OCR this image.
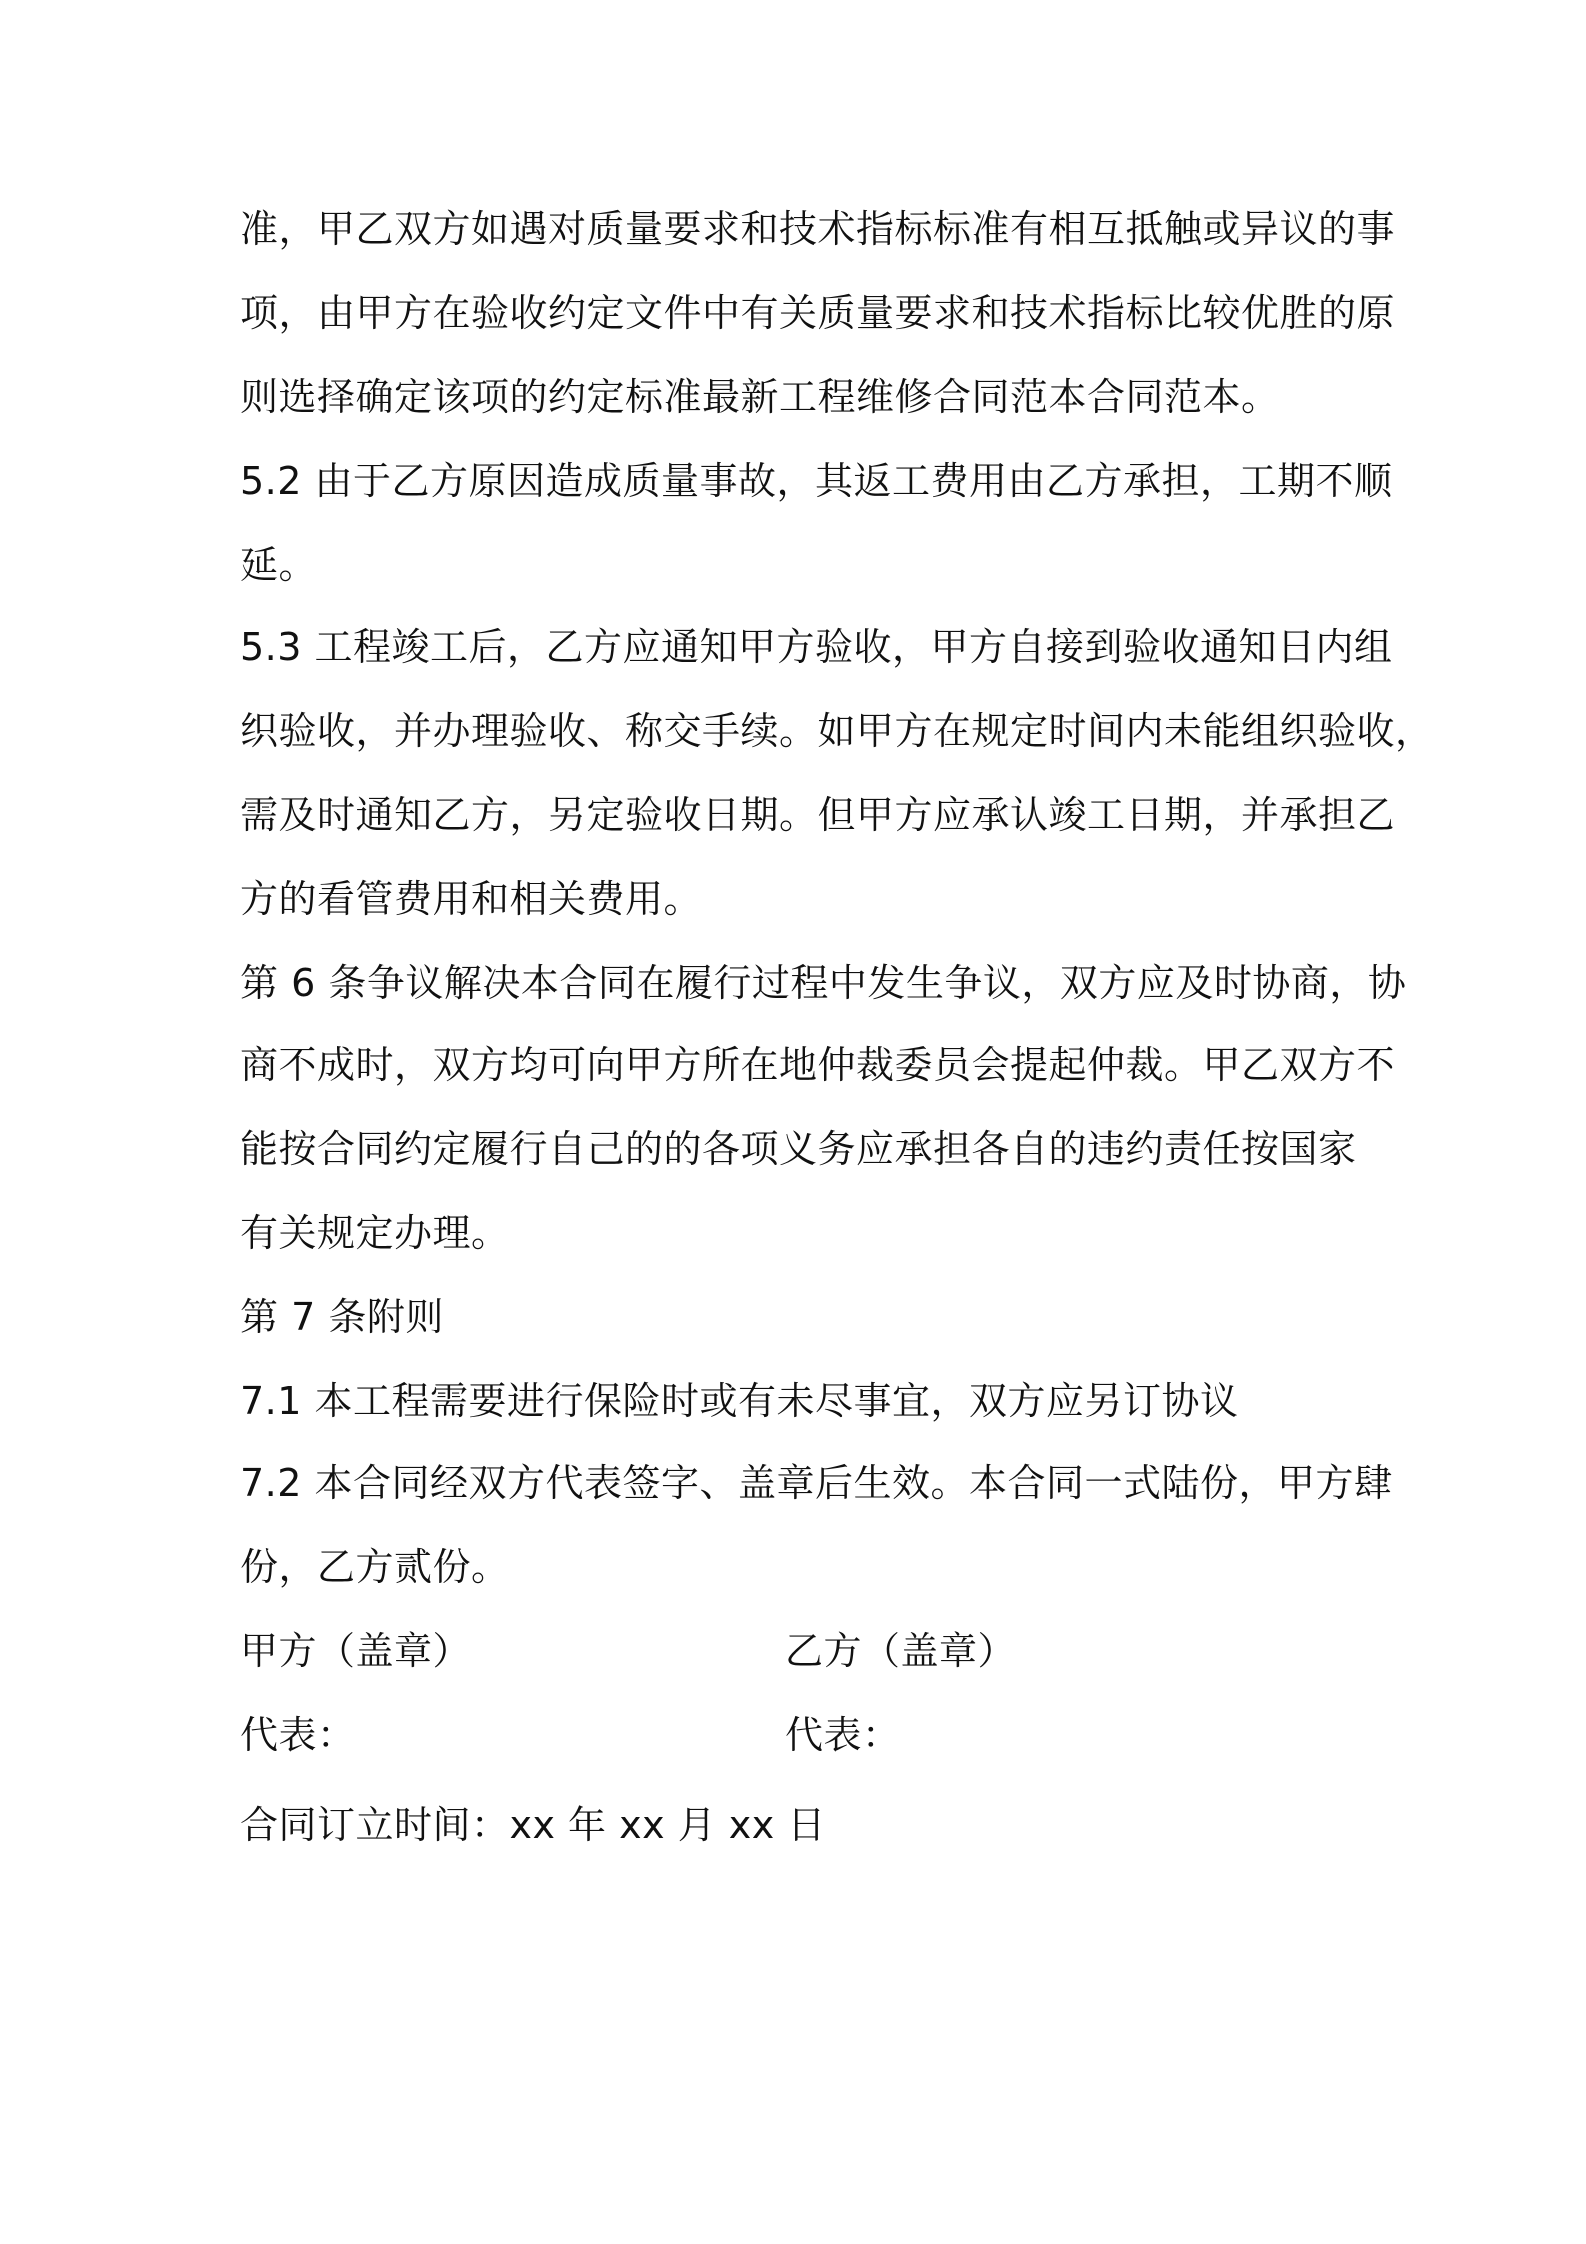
准，甲乙双方如遇对质量要求和技术指标标准有相互抵触或异议的事
项，由甲方在验收约定文件中有关质量要求和技术指标比较优胜的原
则选择确定该项的约定标准最新工程维修合同范本合同范本。
5.2 由于乙方原因造成质量事故，其返工费用由乙方承担，工期不顺
延。
5.3 工程竣工后，乙方应通知甲方验收，甲方自接到验收通知日内组
织验收，并办理验收、称交手续。如甲方在规定时间内未能组织验收，
需及时通知乙方，另定验收日期。但甲方应承认竣工日期，并承担乙
方的看管费用和相关费用。
第 6 条争议解决本合同在履行过程中发生争议，双方应及时协商，协
商不成时，双方均可向甲方所在地仲裁委员会提起仲裁。甲乙双方不
能按合同约定履行自己的的各项义务应承担各自的违约责任按国家
有关规定办理。
第 7 条附则
7.1 本工程需要进行保险时或有未尽事宜，双方应另订协议
7.2 本合同经双方代表签字、盖章后生效。本合同一式陆份，甲方肆
份，乙方贰份。
甲方（盖章）	乙方（盖章）
代表：	代表：
合同订立时间：xx 年 xx 月 xx 日
